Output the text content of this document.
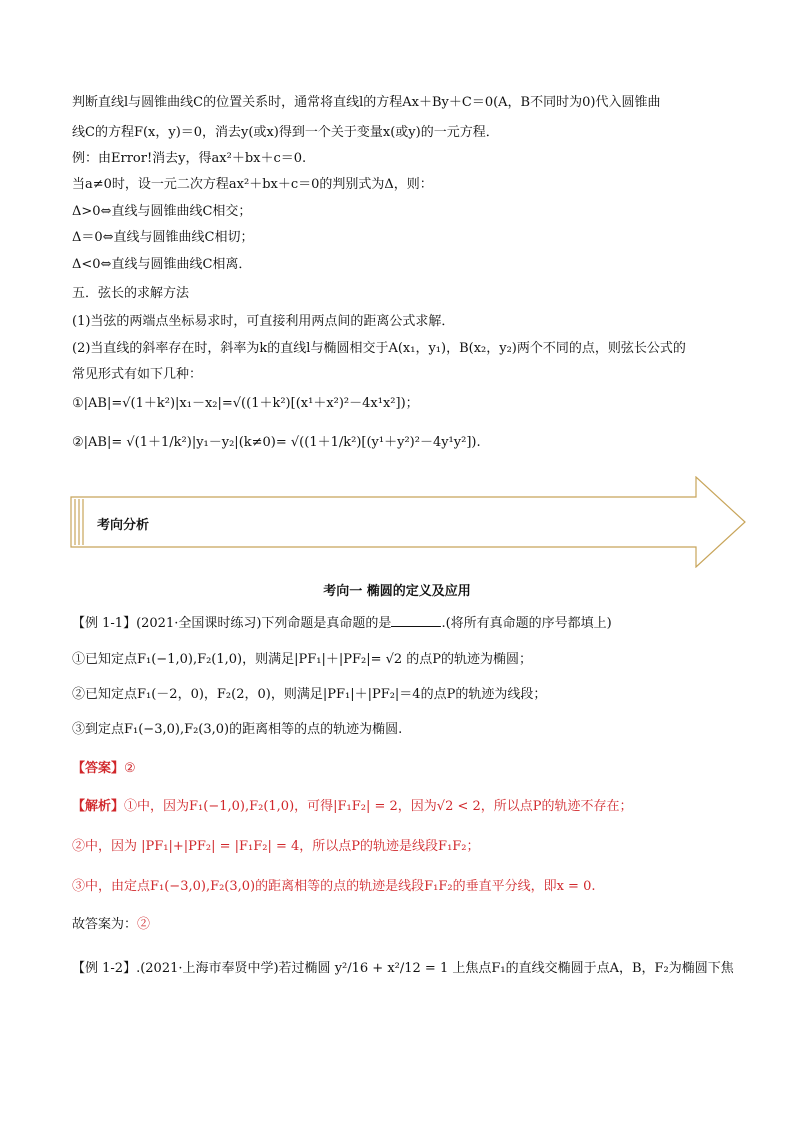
判断直线l与圆锥曲线C的位置关系时，通常将直线l的方程Ax＋By＋C＝0(A，B不同时为0)代入圆锥曲
线C的方程F(x，y)＝0，消去y(或x)得到一个关于变量x(或y)的一元方程．
例：由Error!消去y，得ax²＋bx＋c＝0.
当a≠0时，设一元二次方程ax²＋bx＋c＝0的判别式为Δ，则：
Δ>0⇔直线与圆锥曲线C相交；
Δ＝0⇔直线与圆锥曲线C相切；
Δ<0⇔直线与圆锥曲线C相离．
五．弦长的求解方法
(1)当弦的两端点坐标易求时，可直接利用两点间的距离公式求解．
(2)当直线的斜率存在时，斜率为k的直线l与椭圆相交于A(x₁，y₁)，B(x₂，y₂)两个不同的点，则弦长公式的
常见形式有如下几种：
①|AB|=√(1＋k²)|x₁－x₂|=√((1＋k²)[(x¹＋x²)²－4x¹x²])；
②|AB|= √(1＋1/k²)|y₁－y₂|(k≠0)= √((1＋1/k²)[(y¹＋y²)²－4y¹y²]).
考向分析
考向一 椭圆的定义及应用
【例 1-1】(2021·全国课时练习)下列命题是真命题的是	.(将所有真命题的序号都填上)
①已知定点F₁(−1,0),F₂(1,0)，则满足|PF₁|＋|PF₂|= √2 的点P的轨迹为椭圆；
②已知定点F₁(－2，0)，F₂(2，0)，则满足|PF₁|＋|PF₂|＝4的点P的轨迹为线段；
③到定点F₁(−3,0),F₂(3,0)的距离相等的点的轨迹为椭圆.
【答案】②
【解析】①中，因为F₁(−1,0),F₂(1,0)，可得|F₁F₂| = 2，因为√2 < 2，所以点P的轨迹不存在；
②中，因为 |PF₁|+|PF₂| = |F₁F₂| = 4，所以点P的轨迹是线段F₁F₂；
③中，由定点F₁(−3,0),F₂(3,0)的距离相等的点的轨迹是线段F₁F₂的垂直平分线，即x = 0.
故答案为：②
【例 1-2】.(2021·上海市奉贤中学)若过椭圆 y²/16 + x²/12 = 1 上焦点F₁的直线交椭圆于点A，B，F₂为椭圆下焦
